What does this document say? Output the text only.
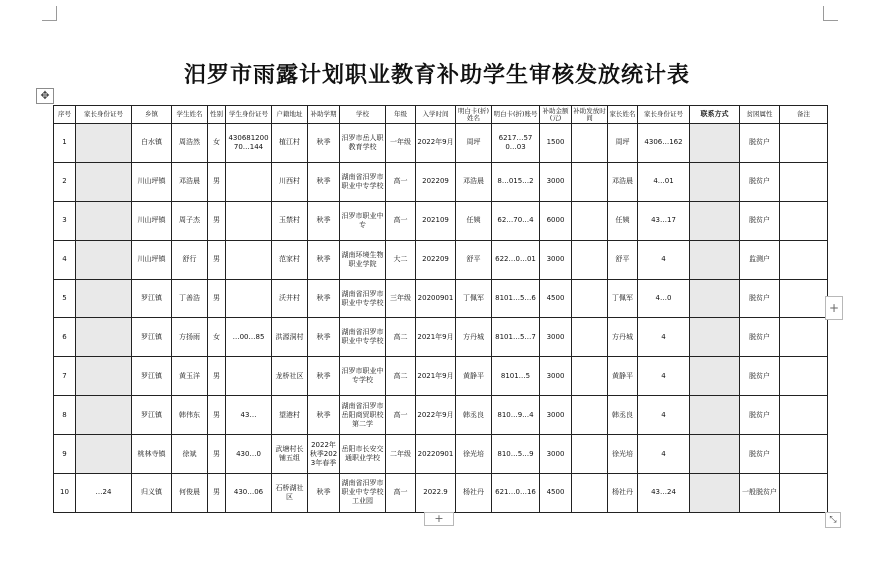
✥
汨罗市雨露计划职业教育补助学生审核发放统计表
序号	家长身份证号	乡镇	学生姓名	性别	学生身份证号	户籍地址	补助学期	学校	年级	入学时间	明白卡(折)姓名	明白卡(折)账号	补助金额(元)	补助发放时间	家长姓名	家长身份证号	联系方式	贫困属性	备注
1		白水镇	周浩然	女	43068120070…144	植江村	秋季	汨罗市岳人职教育学校	一年级	2022年9月	周坪	6217…570…03	1500		周坪	4306…162		脱贫户	
2		川山坪镇	邓浩晨	男		川西村	秋季	湖南省汨罗市职业中专学校	高一	202209	邓浩晨	8…015…2	3000		邓浩晨	4…01		脱贫户	
3		川山坪镇	周子杰	男		玉禁村	秋季	汨罗市职业中专	高一	202109	任姨	62…70…4	6000		任姨	43…17		脱贫户	
4		川山坪镇	舒行	男		范家村	秋季	湖南环境生物职业学院	大二	202209	舒平	622…0…01	3000		舒平	4		监测户	
5		罗江镇	丁善浩	男		沃井村	秋季	湖南省汨罗市职业中专学校	三年级	20200901	丁佩军	8101…5…6	4500		丁佩军	4…0		脱贫户	
6		罗江镇	方扬雨	女	…00…85	洪源洞村	秋季	湖南省汨罗市职业中专学校	高二	2021年9月	方丹城	8101…5…7	3000		方丹城	4		脱贫户	
7		罗江镇	黄玉洋	男		龙桥社区	秋季	汨罗市职业中专学校	高二	2021年9月	黄静平	8101…5	3000		黄静平	4		脱贫户	
8		罗江镇	韩伟东	男	43…	望港村	秋季	湖南省汨罗市岳阳商贸职校第二学	高一	2022年9月	韩丞良	810…9…4	3000		韩丞良	4		脱贫户	
9		桃林寺镇	徐斌	男	430…0	武塘村长铺五组	2022年秋季2023年春季	岳阳市长安交通职业学校	二年级	20220901	徐光培	810…5…9	3000		徐光培	4		脱贫户	
10	…24	归义镇	何俊晨	男	430…06	石桥湖社区	秋季	湖南省汨罗市职业中专学校工业园	高一	2022.9	杨社丹	621…0…16	4500		杨社丹	43…24		一般脱贫户	
+
+	⤡
